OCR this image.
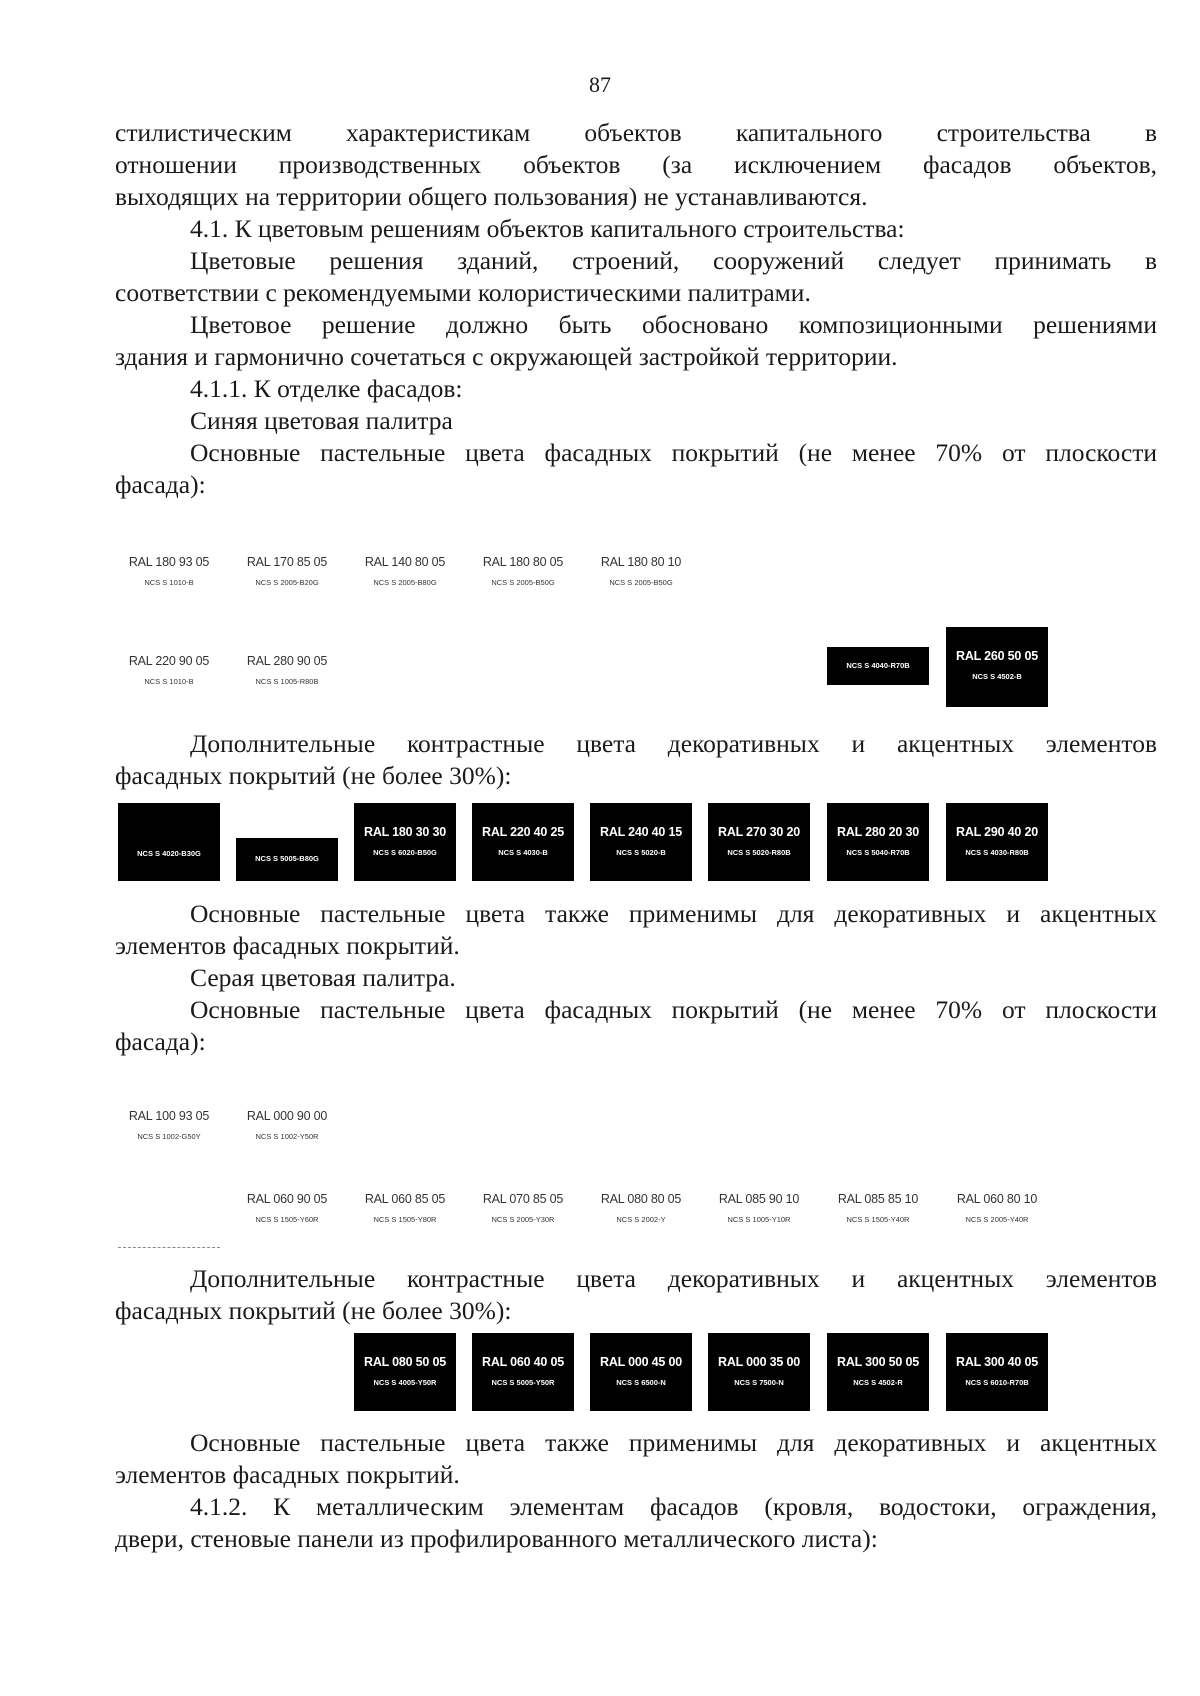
87
стилистическим характеристикам объектов капитального строительства в
отношении производственных объектов (за исключением фасадов объектов,
выходящих на территории общего пользования) не устанавливаются.
4.1. К цветовым решениям объектов капитального строительства:
Цветовые решения зданий, строений, сооружений следует принимать в
соответствии с рекомендуемыми колористическими палитрами.
Цветовое решение должно быть обосновано композиционными решениями
здания и гармонично сочетаться с окружающей застройкой территории.
4.1.1. К отделке фасадов:
Синяя цветовая палитра
Основные пастельные цвета фасадных покрытий (не менее 70% от плоскости
фасада):
RAL 180 93 05
NCS S 1010-B
RAL 170 85 05
NCS S 2005-B20G
RAL 140 80 05
NCS S 2005-B80G
RAL 180 80 05
NCS S 2005-B50G
RAL 180 80 10
NCS S 2005-B50G
RAL 220 90 05
NCS S 1010-B
RAL 280 90 05
NCS S 1005-R80B
NCS S 4040-R70B
RAL 260 50 05
NCS S 4502-B
Дополнительные контрастные цвета декоративных и акцентных элементов
фасадных покрытий (не более 30%):
NCS S 4020-B30G
NCS S 5005-B80G
RAL 180 30 30
NCS S 6020-B50G
RAL 220 40 25
NCS S 4030-B
RAL 240 40 15
NCS S 5020-B
RAL 270 30 20
NCS S 5020-R80B
RAL 280 20 30
NCS S 5040-R70B
RAL 290 40 20
NCS S 4030-R80B
Основные пастельные цвета также применимы для декоративных и акцентных
элементов фасадных покрытий.
Серая цветовая палитра.
Основные пастельные цвета фасадных покрытий (не менее 70% от плоскости
фасада):
RAL 100 93 05
NCS S 1002-G50Y
RAL 000 90 00
NCS S 1002-Y50R
RAL 060 90 05
NCS S 1505-Y60R
RAL 060 85 05
NCS S 1505-Y80R
RAL 070 85 05
NCS S 2005-Y30R
RAL 080 80 05
NCS S 2002-Y
RAL 085 90 10
NCS S 1005-Y10R
RAL 085 85 10
NCS S 1505-Y40R
RAL 060 80 10
NCS S 2005-Y40R
Дополнительные контрастные цвета декоративных и акцентных элементов
фасадных покрытий (не более 30%):
RAL 080 50 05
NCS S 4005-Y50R
RAL 060 40 05
NCS S 5005-Y50R
RAL 000 45 00
NCS S 6500-N
RAL 000 35 00
NCS S 7500-N
RAL 300 50 05
NCS S 4502-R
RAL 300 40 05
NCS S 6010-R70B
Основные пастельные цвета также применимы для декоративных и акцентных
элементов фасадных покрытий.
4.1.2. К металлическим элементам фасадов (кровля, водостоки, ограждения,
двери, стеновые панели из профилированного металлического листа):
